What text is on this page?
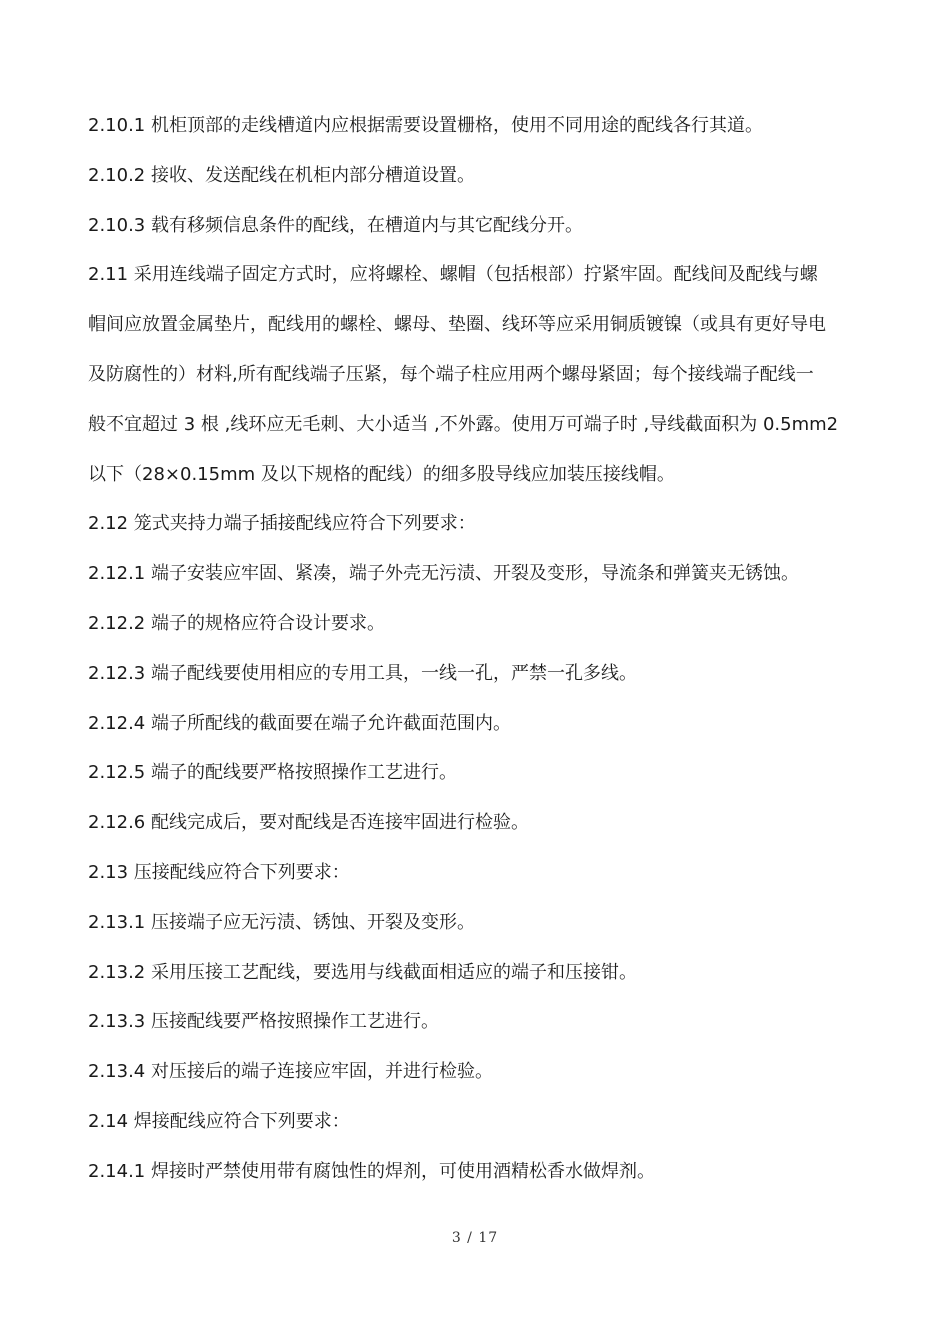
2.10.1 机柜顶部的走线槽道内应根据需要设置栅格，使用不同用途的配线各行其道。

2.10.2 接收、发送配线在机柜内部分槽道设置。

2.10.3 载有移频信息条件的配线，在槽道内与其它配线分开。

2.11 采用连线端子固定方式时，应将螺栓、螺帽（包括根部）拧紧牢固。配线间及配线与螺

帽间应放置金属垫片，配线用的螺栓、螺母、垫圈、线环等应采用铜质镀镍（或具有更好导电

及防腐性的）材料,所有配线端子压紧，每个端子柱应用两个螺母紧固；每个接线端子配线一

般不宜超过 3 根 ,线环应无毛刺、大小适当 ,不外露。使用万可端子时 ,导线截面积为 0.5mm2

以下（28×0.15mm 及以下规格的配线）的细多股导线应加装压接线帽。

2.12 笼式夹持力端子插接配线应符合下列要求：

2.12.1 端子安装应牢固、紧凑，端子外壳无污渍、开裂及变形，导流条和弹簧夹无锈蚀。

2.12.2 端子的规格应符合设计要求。

2.12.3 端子配线要使用相应的专用工具，一线一孔，严禁一孔多线。

2.12.4 端子所配线的截面要在端子允许截面范围内。

2.12.5 端子的配线要严格按照操作工艺进行。

2.12.6 配线完成后，要对配线是否连接牢固进行检验。

2.13 压接配线应符合下列要求：

2.13.1 压接端子应无污渍、锈蚀、开裂及变形。

2.13.2 采用压接工艺配线，要选用与线截面相适应的端子和压接钳。

2.13.3 压接配线要严格按照操作工艺进行。

2.13.4 对压接后的端子连接应牢固，并进行检验。

2.14 焊接配线应符合下列要求：

2.14.1 焊接时严禁使用带有腐蚀性的焊剂，可使用酒精松香水做焊剂。

3 / 17
